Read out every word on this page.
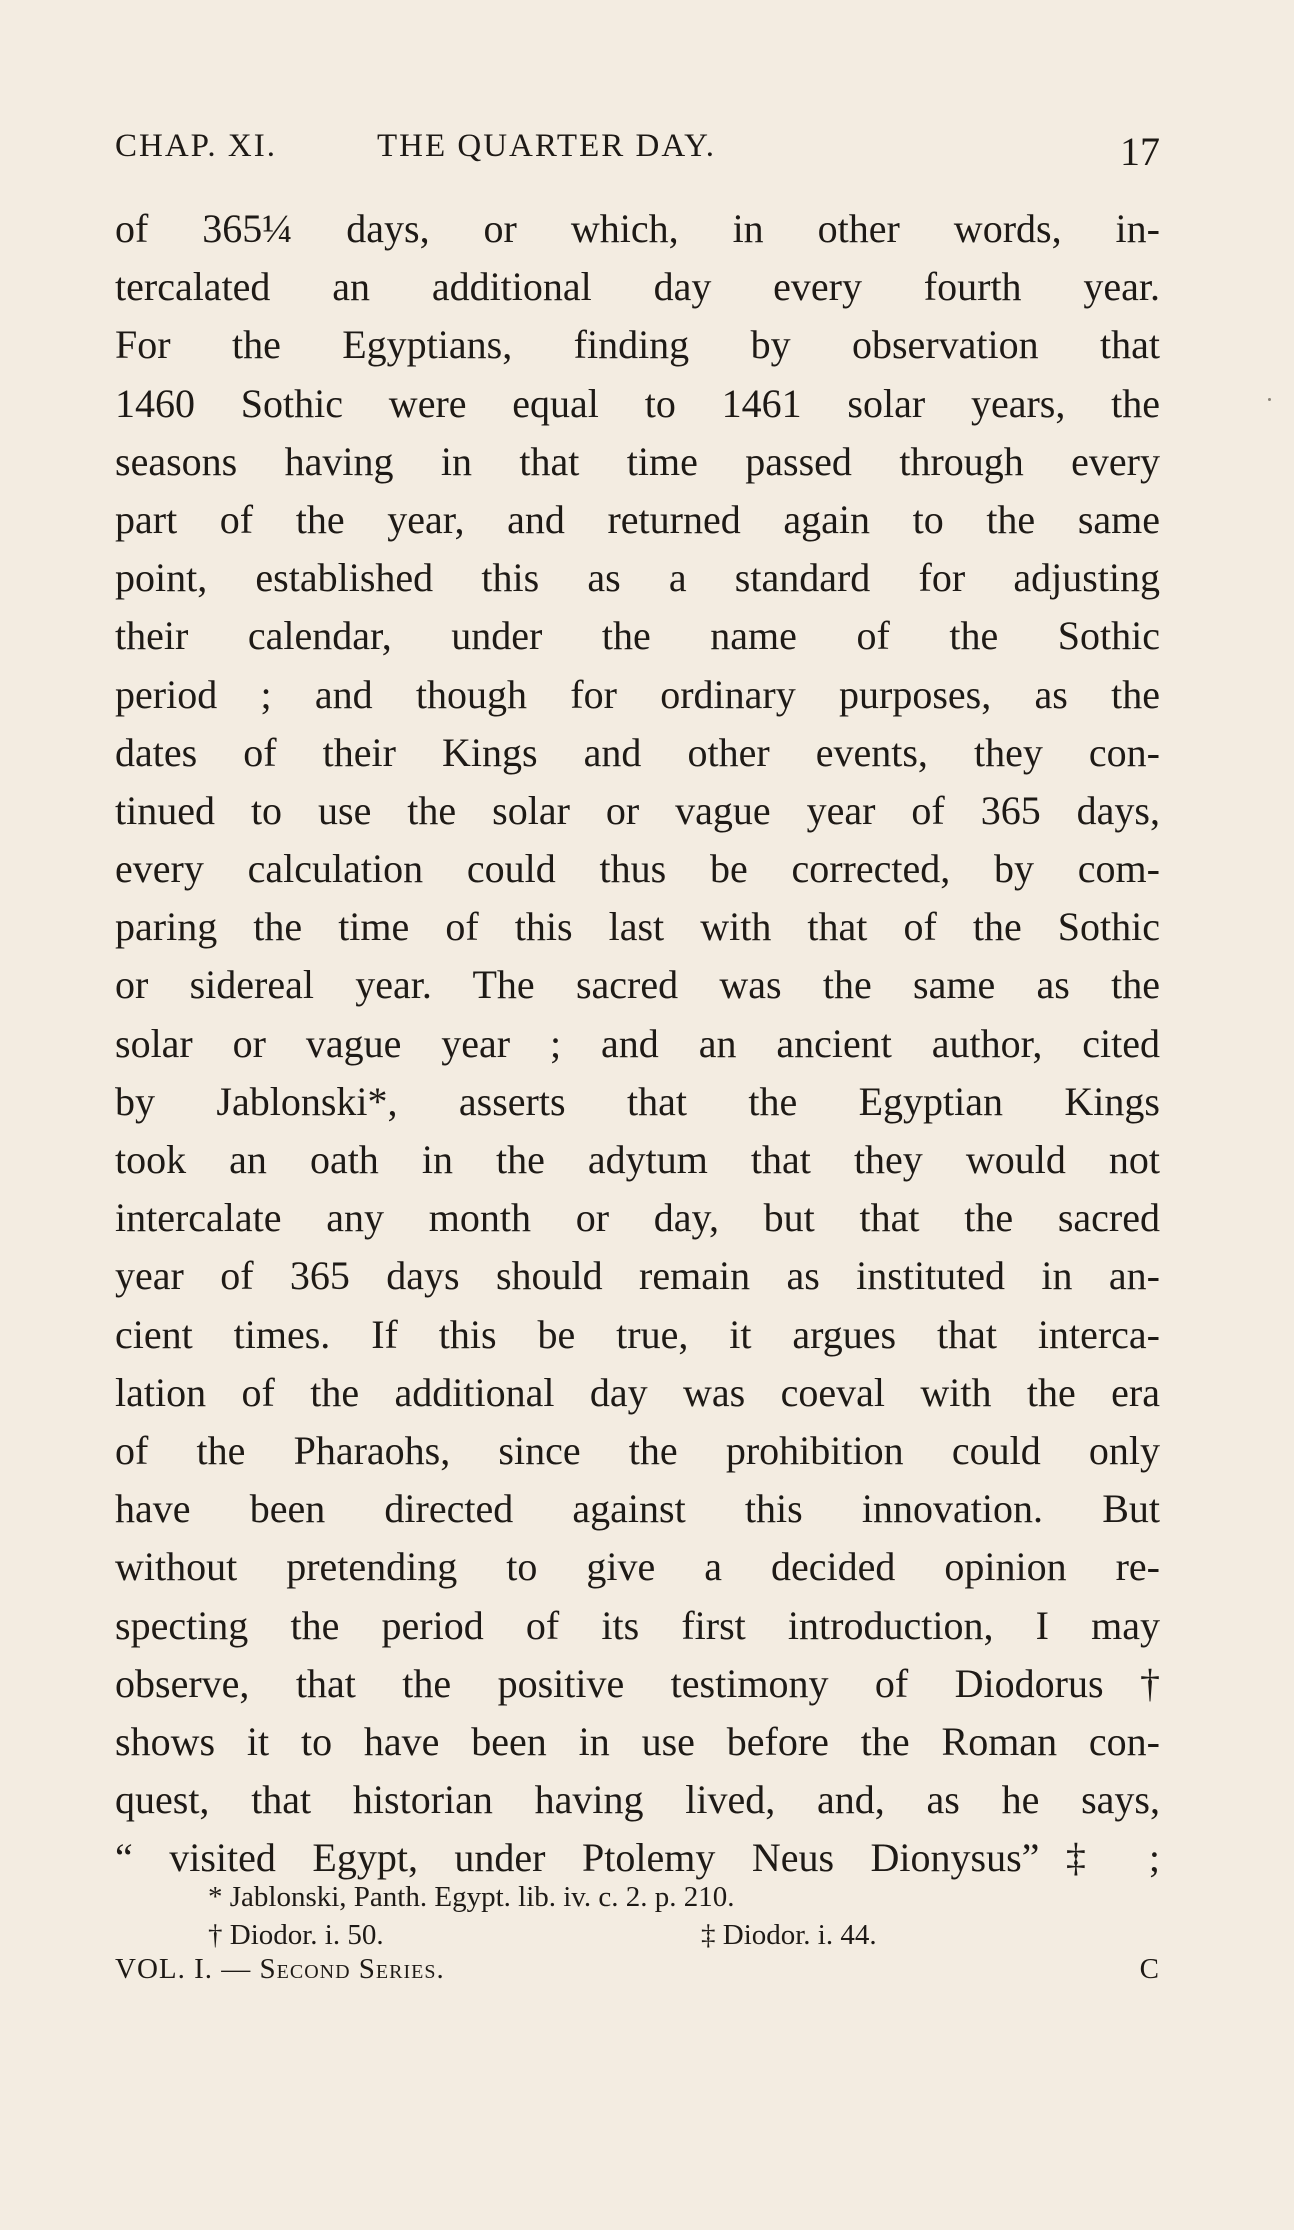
CHAP. XI.	THE QUARTER DAY.	17
of 365¼ days, or which, in other words, in-
tercalated an additional day every fourth year.
For the Egyptians, finding by observation that
1460 Sothic were equal to 1461 solar years, the
seasons having in that time passed through every
part of the year, and returned again to the same
point, established this as a standard for adjusting
their calendar, under the name of the Sothic
period ; and though for ordinary purposes, as the
dates of their Kings and other events, they con-
tinued to use the solar or vague year of 365 days,
every calculation could thus be corrected, by com-
paring the time of this last with that of the Sothic
or sidereal year. The sacred was the same as the
solar or vague year ; and an ancient author, cited
by Jablonski*, asserts that the Egyptian Kings
took an oath in the adytum that they would not
intercalate any month or day, but that the sacred
year of 365 days should remain as instituted in an-
cient times. If this be true, it argues that interca-
lation of the additional day was coeval with the era
of the Pharaohs, since the prohibition could only
have been directed against this innovation. But
without pretending to give a decided opinion re-
specting the period of its first introduction, I may
observe, that the positive testimony of Diodorus†
shows it to have been in use before the Roman con-
quest, that historian having lived, and, as he says,
“ visited Egypt, under Ptolemy Neus Dionysus”‡ ;
* Jablonski, Panth. Egypt. lib. iv. c. 2. p. 210.
† Diodor. i. 50.	‡ Diodor. i. 44.
VOL. I. — Second Series.	C
